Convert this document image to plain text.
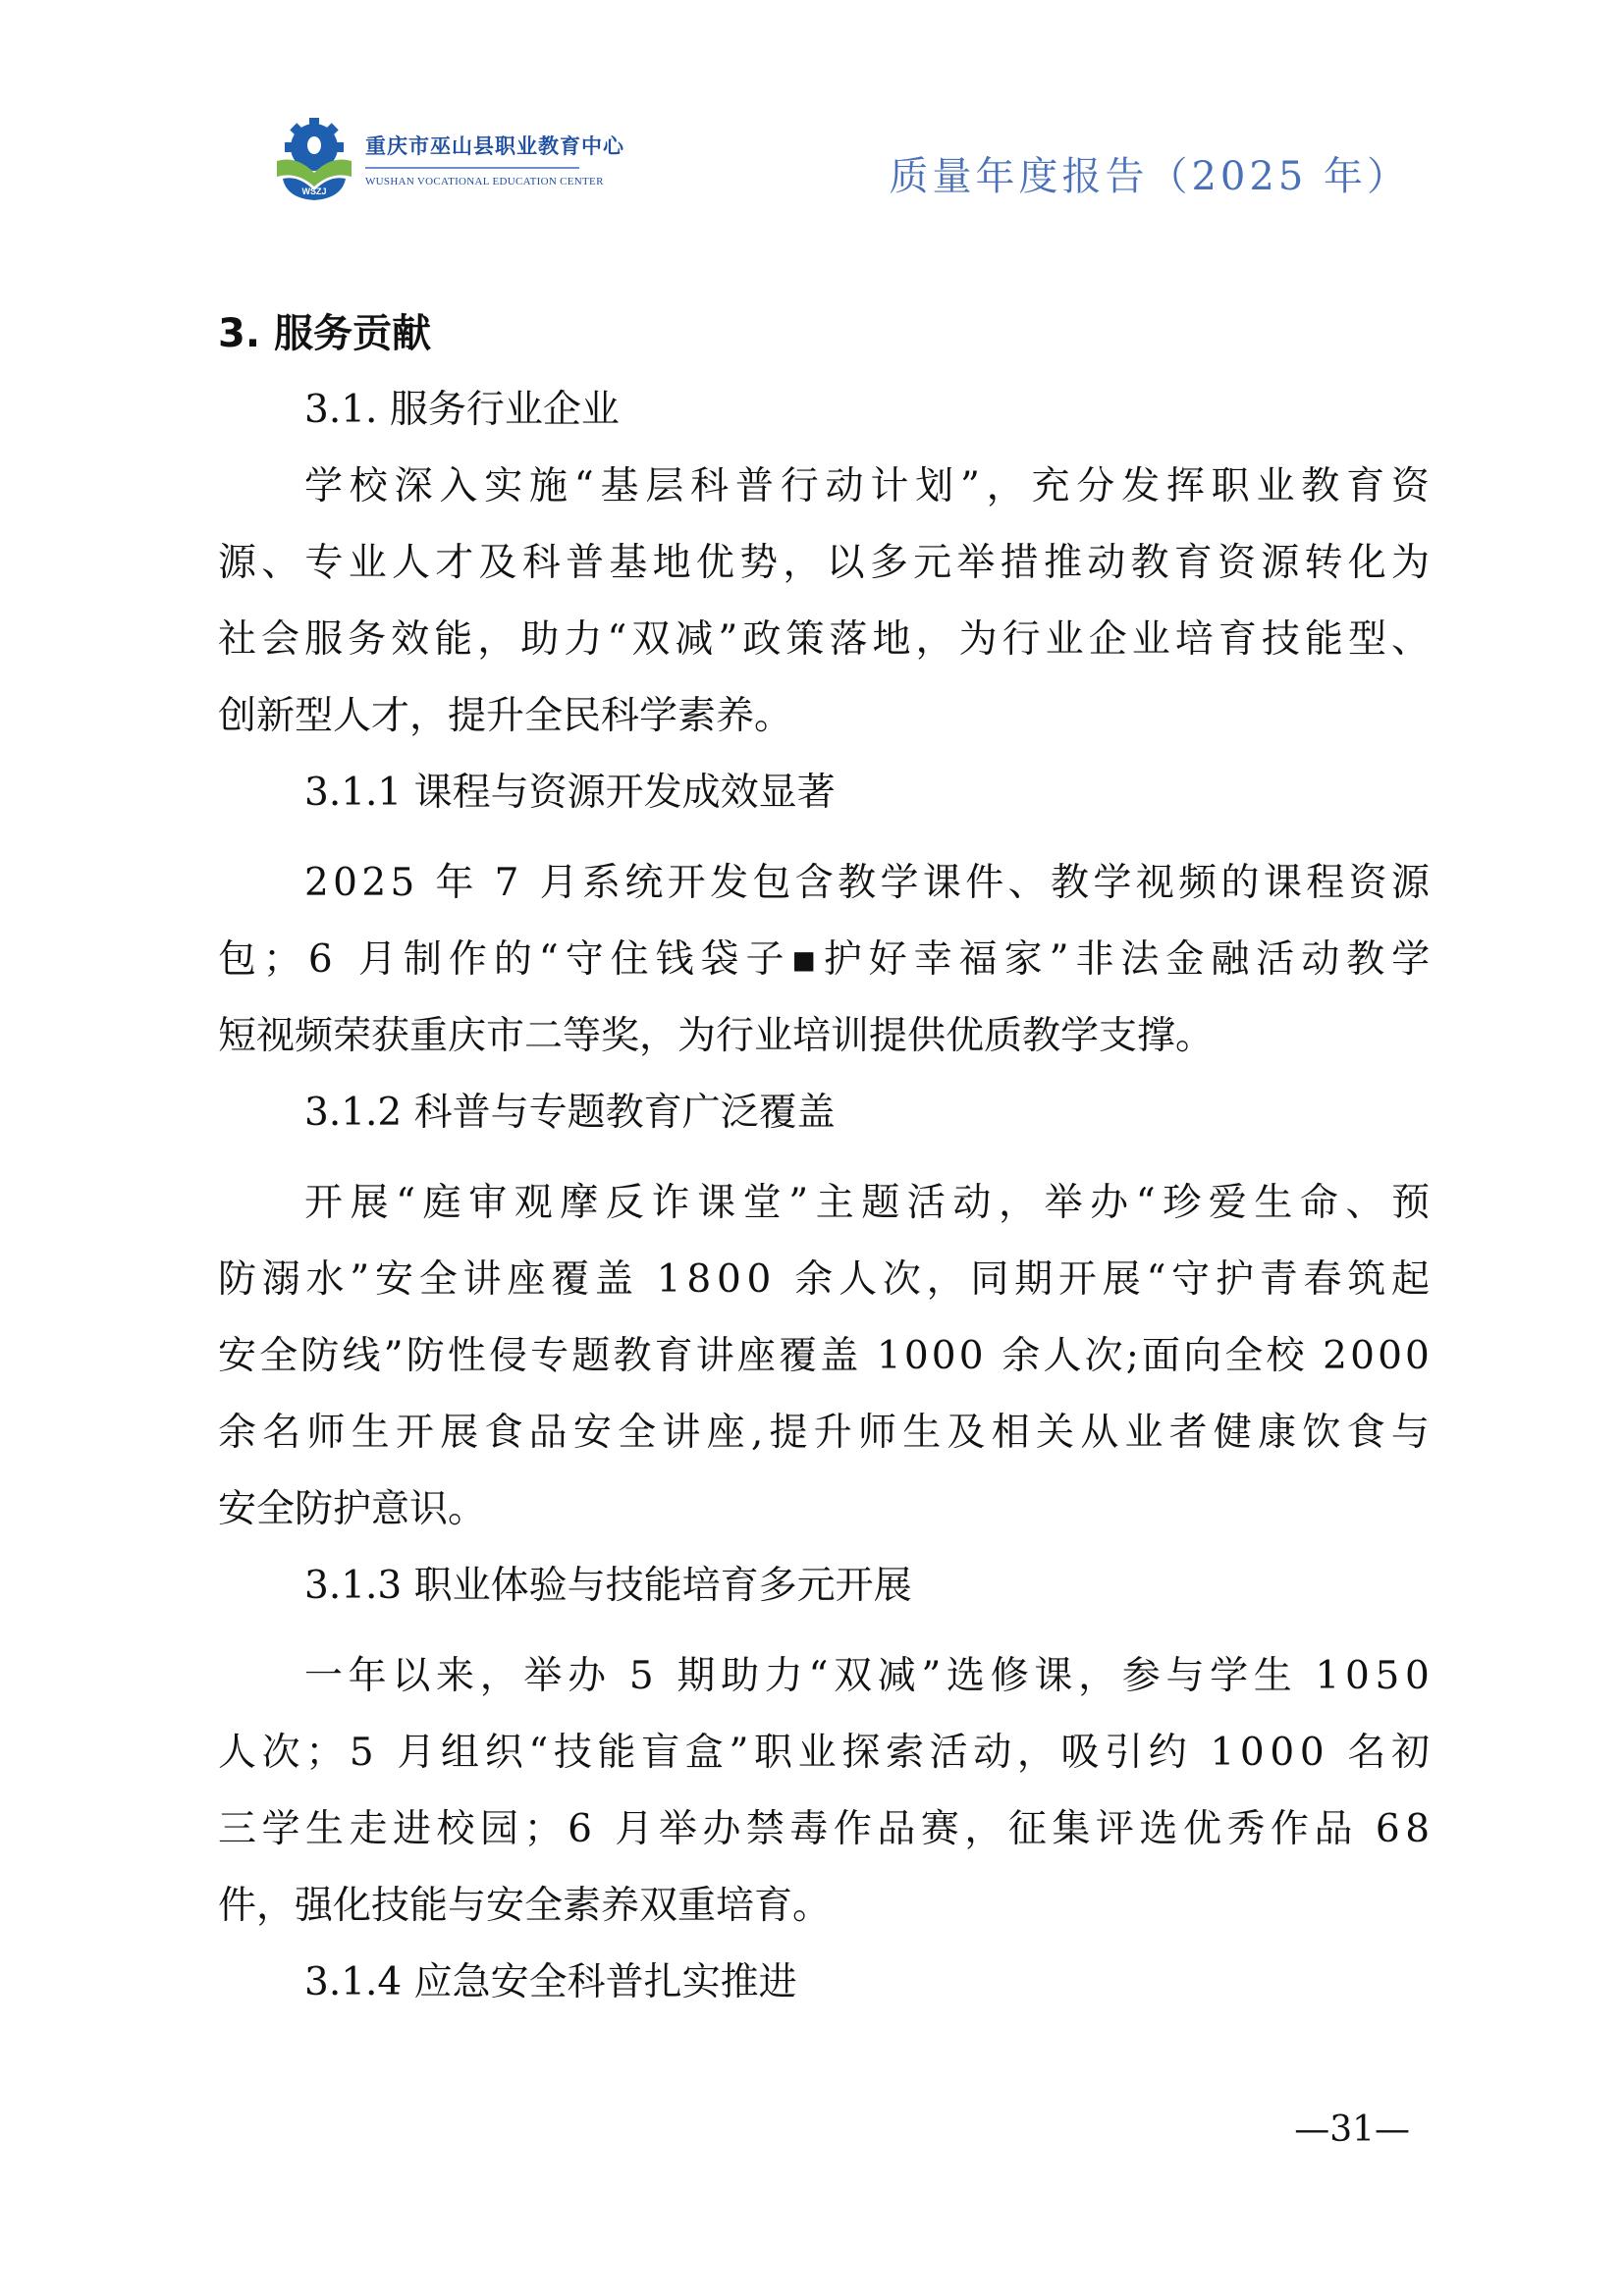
WSZJ
重庆市巫山县职业教育中心
WUSHAN VOCATIONAL EDUCATION CENTER	质量年度报告（2025 年）
3. 服务贡献
3.1. 服务行业企业
学校深入实施“基层科普行动计划”，充分发挥职业教育资
源、专业人才及科普基地优势，以多元举措推动教育资源转化为
社会服务效能，助力“双减”政策落地，为行业企业培育技能型、
创新型人才，提升全民科学素养。
3.1.1 课程与资源开发成效显著
2025 年 7 月系统开发包含教学课件、教学视频的课程资源
包；6 月制作的“守住钱袋子▪护好幸福家”非法金融活动教学
短视频荣获重庆市二等奖，为行业培训提供优质教学支撑。
3.1.2 科普与专题教育广泛覆盖
开展“庭审观摩反诈课堂”主题活动，举办“珍爱生命、预
防溺水”安全讲座覆盖 1800 余人次，同期开展“守护青春筑起
安全防线”防性侵专题教育讲座覆盖 1000 余人次;面向全校 2000
余名师生开展食品安全讲座,提升师生及相关从业者健康饮食与
安全防护意识。
3.1.3 职业体验与技能培育多元开展
一年以来，举办 5 期助力“双减”选修课，参与学生 1050
人次；5 月组织“技能盲盒”职业探索活动，吸引约 1000 名初
三学生走进校园；6 月举办禁毒作品赛，征集评选优秀作品 68
件，强化技能与安全素养双重培育。
3.1.4 应急安全科普扎实推进
—31—
